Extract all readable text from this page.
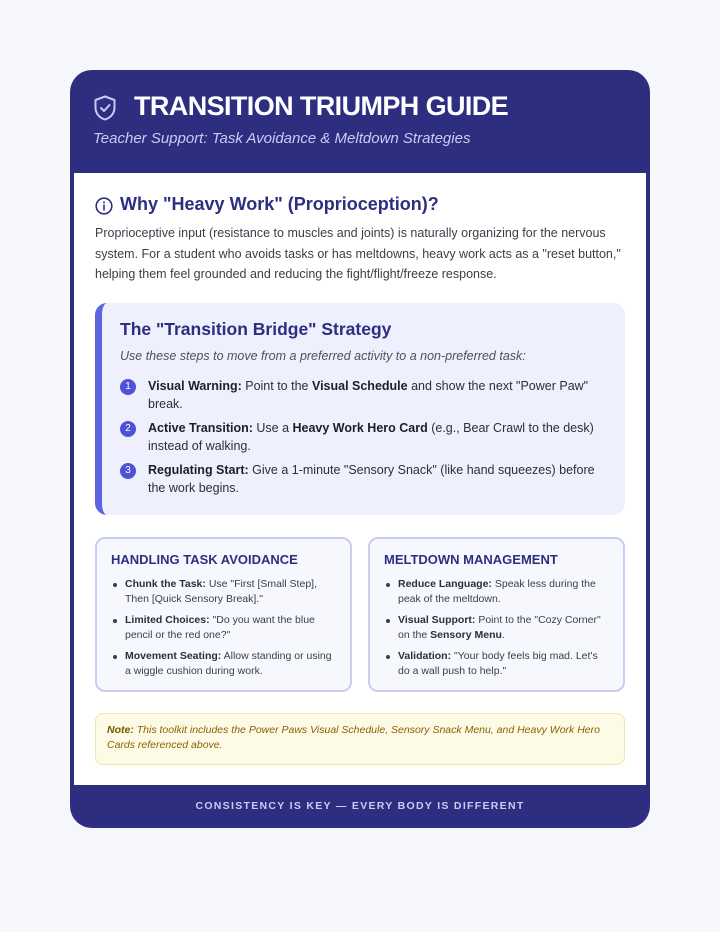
TRANSITION TRIUMPH GUIDE

Teacher Support: Task Avoidance & Meltdown Strategies

Why "Heavy Work" (Proprioception)?

Proprioceptive input (resistance to muscles and joints) is naturally organizing for the nervous system. For a student who avoids tasks or has meltdowns, heavy work acts as a "reset button," helping them feel grounded and reducing the fight/flight/freeze response.

The "Transition Bridge" Strategy

Use these steps to move from a preferred activity to a non-preferred task:

1	Visual Warning: Point to the Visual Schedule and show the next "Power Paw" break.
2	Active Transition: Use a Heavy Work Hero Card (e.g., Bear Crawl to the desk) instead of walking.
3	Regulating Start: Give a 1-minute "Sensory Snack" (like hand squeezes) before the work begins.
HANDLING TASK AVOIDANCE
Chunk the Task: Use "First [Small Step], Then [Quick Sensory Break]."
Limited Choices: "Do you want the blue pencil or the red one?"
Movement Seating: Allow standing or using a wiggle cushion during work.
MELTDOWN MANAGEMENT
Reduce Language: Speak less during the peak of the meltdown.
Visual Support: Point to the "Cozy Corner" on the Sensory Menu.
Validation: "Your body feels big mad. Let's do a wall push to help."

Note: This toolkit includes the Power Paws Visual Schedule, Sensory Snack Menu, and Heavy Work Hero Cards referenced above.

CONSISTENCY IS KEY — EVERY BODY IS DIFFERENT
